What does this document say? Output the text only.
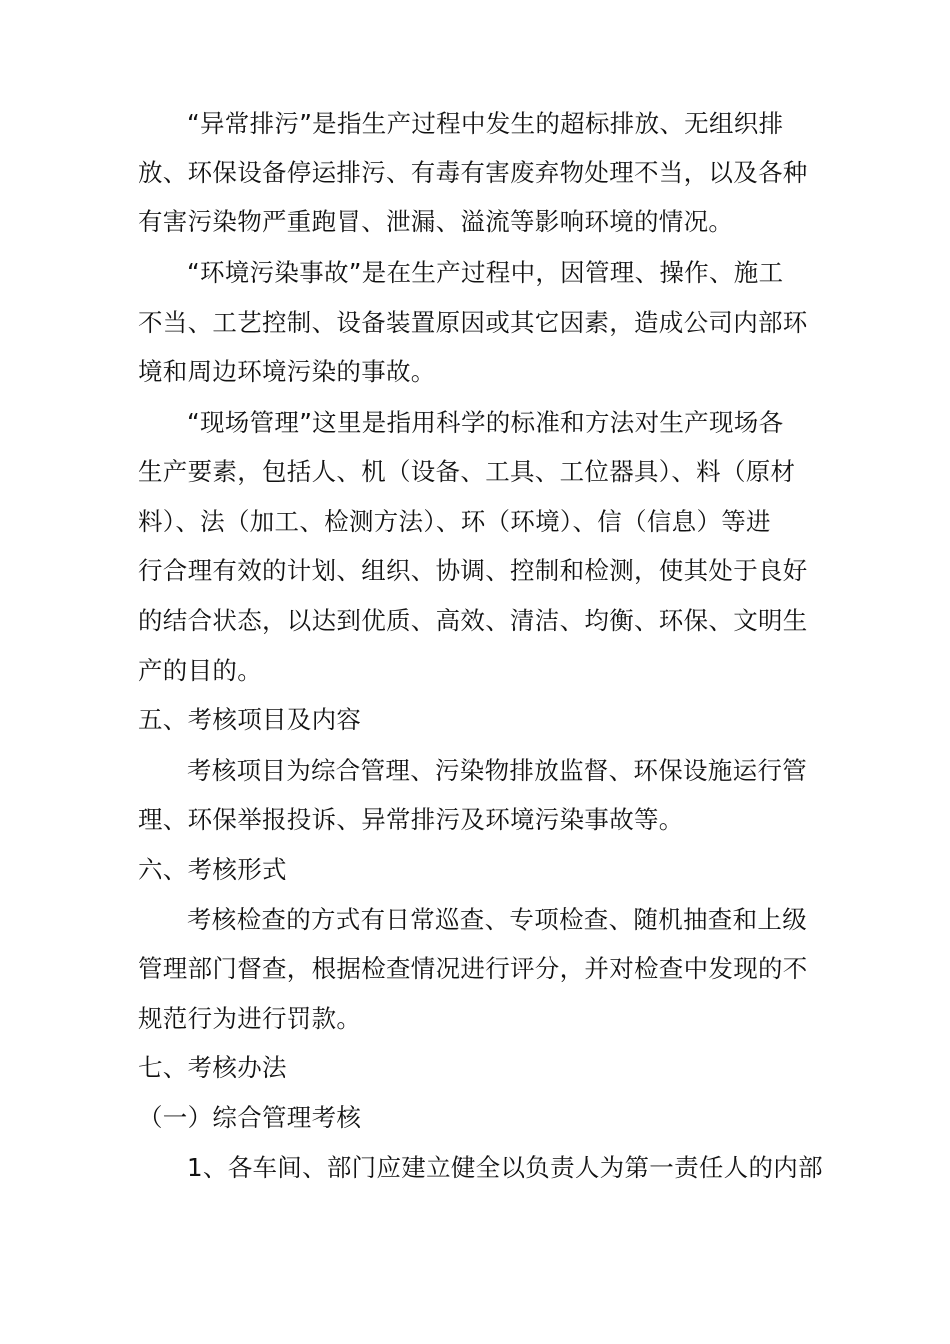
“异常排污”是指生产过程中发生的超标排放、无组织排
放、环保设备停运排污、有毒有害废弃物处理不当，以及各种
有害污染物严重跑冒、泄漏、溢流等影响环境的情况。
“环境污染事故”是在生产过程中，因管理、操作、施工
不当、工艺控制、设备装置原因或其它因素，造成公司内部环
境和周边环境污染的事故。
“现场管理”这里是指用科学的标准和方法对生产现场各
生产要素，包括人、机（设备、工具、工位器具）、料（原材
料）、法（加工、检测方法）、环（环境）、信（信息）等进
行合理有效的计划、组织、协调、控制和检测，使其处于良好
的结合状态，以达到优质、高效、清洁、均衡、环保、文明生
产的目的。
五、考核项目及内容
考核项目为综合管理、污染物排放监督、环保设施运行管
理、环保举报投诉、异常排污及环境污染事故等。
六、考核形式
考核检查的方式有日常巡查、专项检查、随机抽查和上级
管理部门督查，根据检查情况进行评分，并对检查中发现的不
规范行为进行罚款。
七、考核办法
（一）综合管理考核
1、各车间、部门应建立健全以负责人为第一责任人的内部
